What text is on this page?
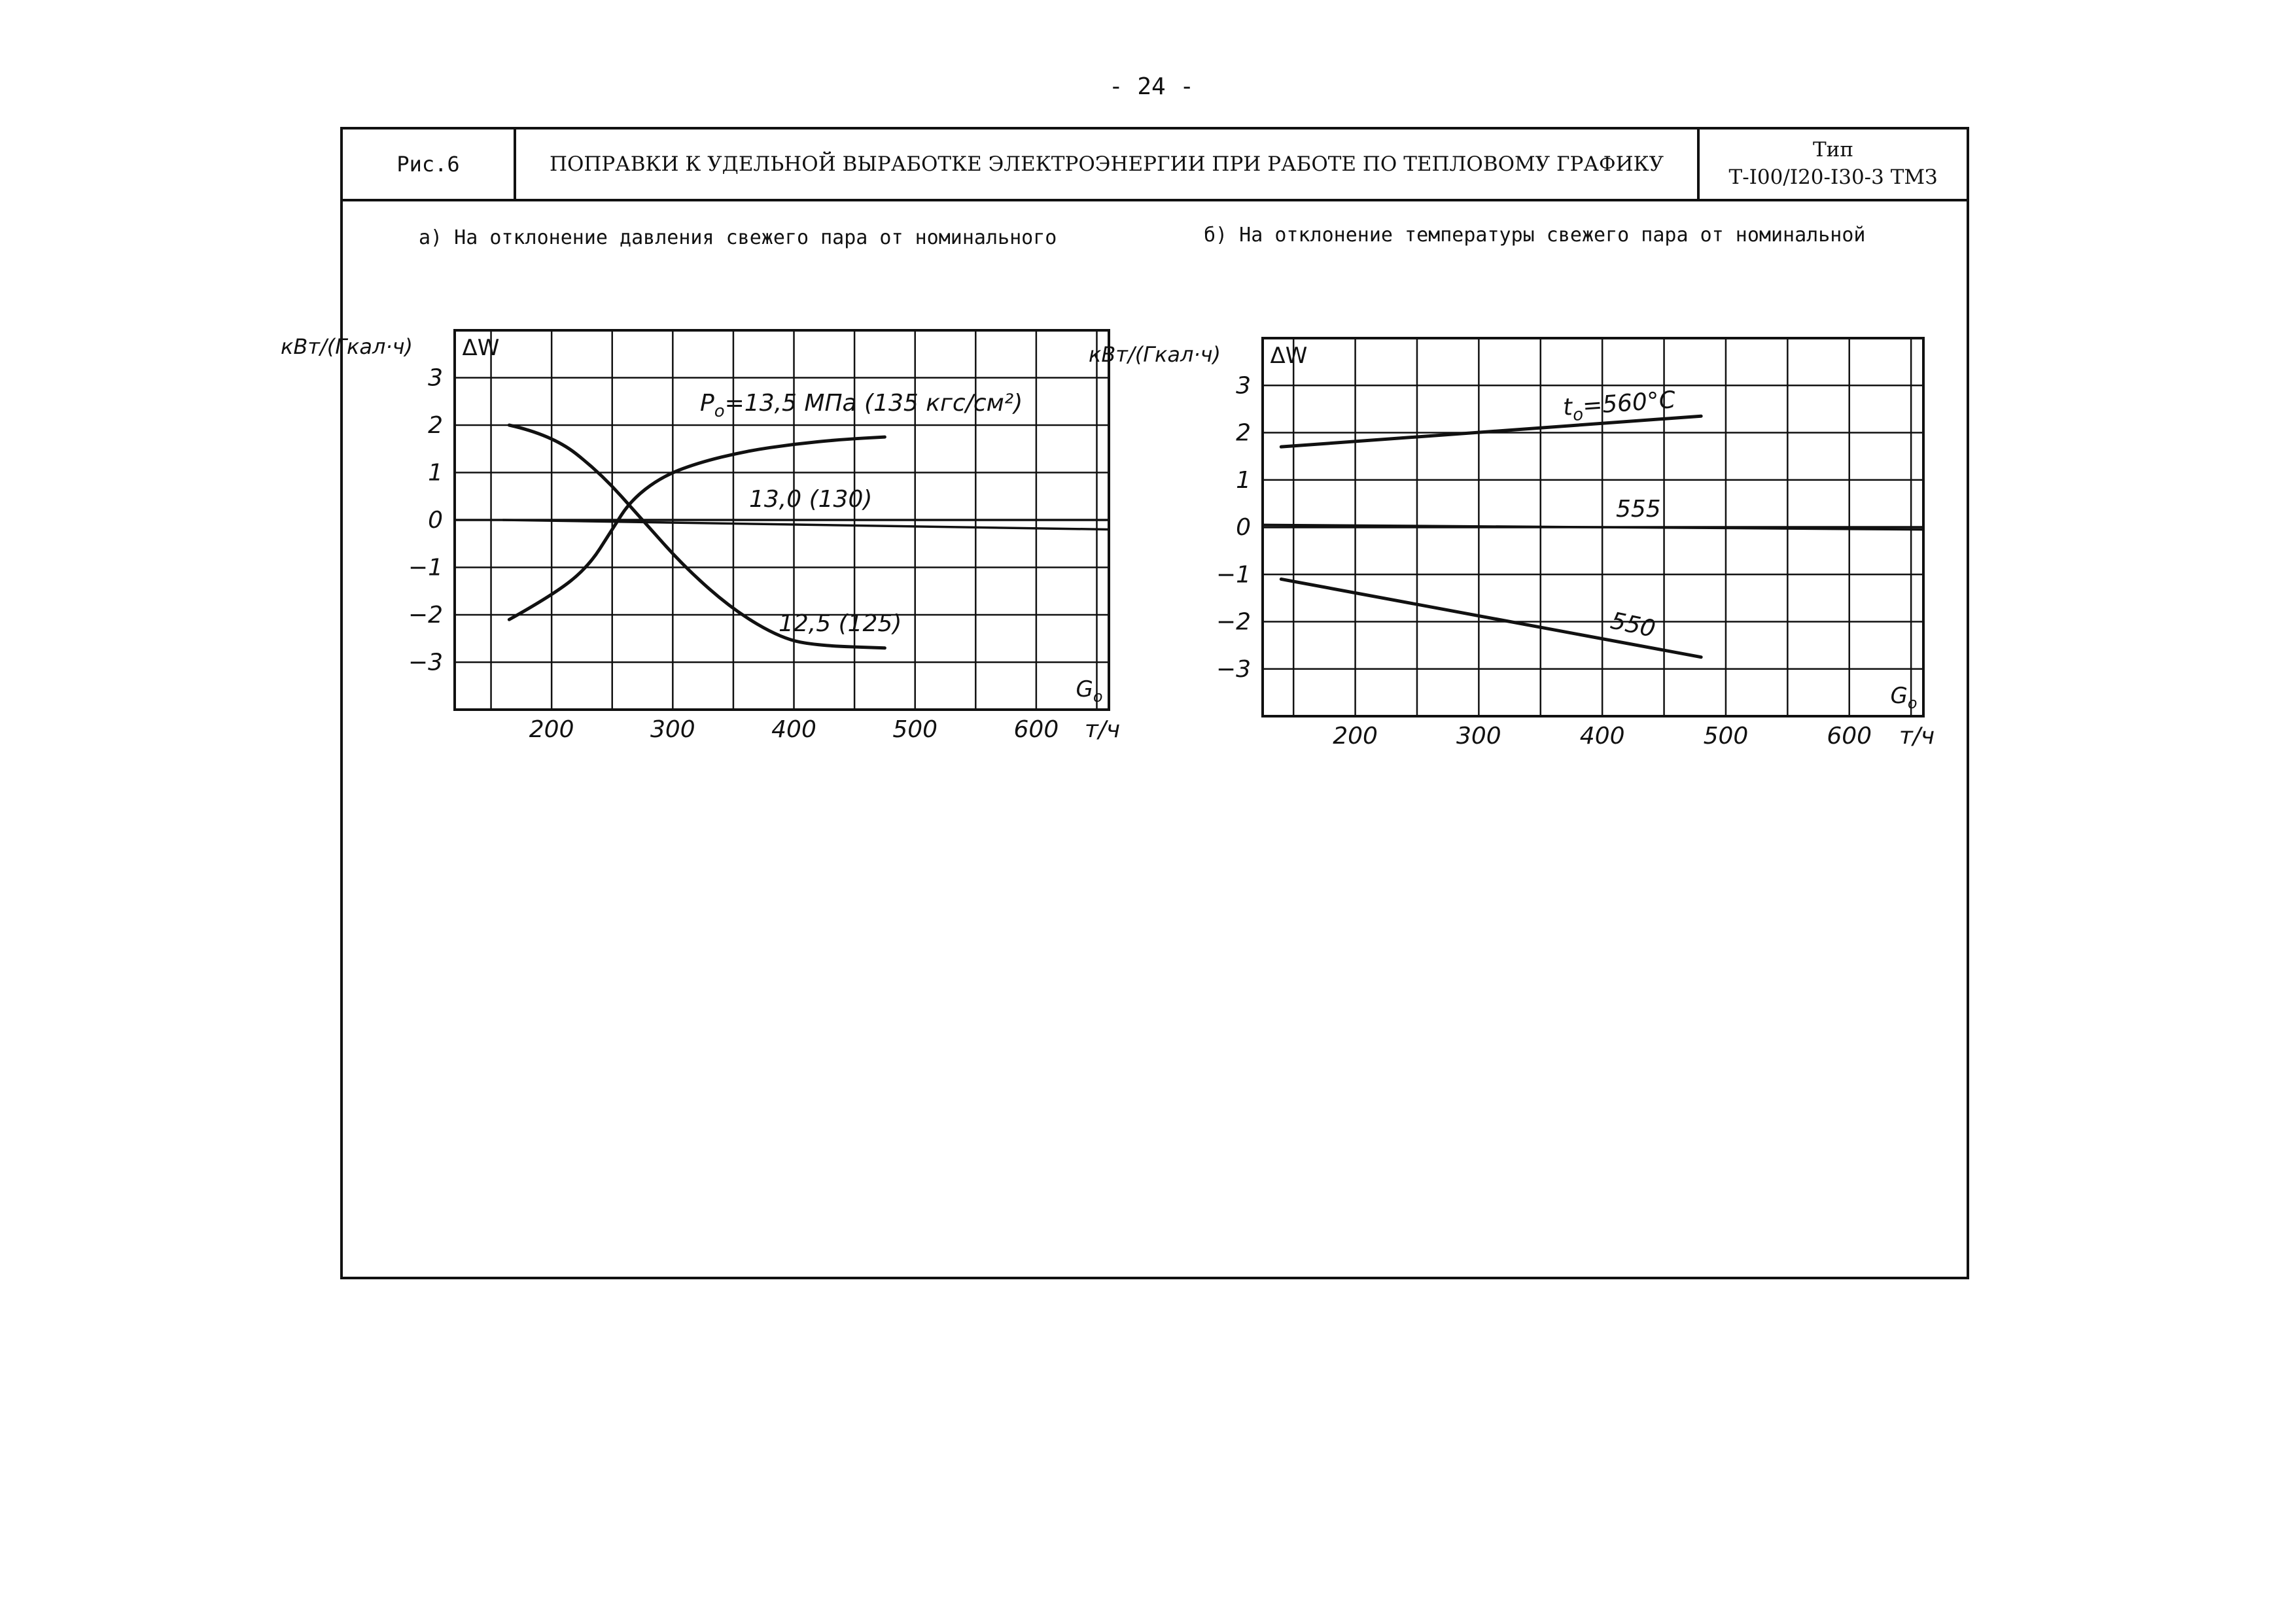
- 24 -
Рис.6	ПОПРАВКИ К УДЕЛЬНОЙ ВЫРАБОТКЕ ЭЛЕКТРОЭНЕРГИИ ПРИ РАБОТЕ ПО ТЕПЛОВОМУ ГРАФИКУ
Тип
Т-I00/I20-I30-3 ТМЗ
а) На отклонение давления свежего пара от номинального	б) На отклонение температуры свежего пара от номинальной
3
2
1
0
−1
−2
−3
200	300	400	500	600 т/ч
$G_o$
кВт/(Гкал·ч) ΔW
$P_o=13,5$ МПа (135 кгс/см²)
13,0 (130)
12,5 (125)
3
2
1
0
−1
−2
−3
200	300	400	500	600 т/ч
$G_o$
кВт/(Гкал·ч) ΔW
$t_o=560^\circ C$
555
550
